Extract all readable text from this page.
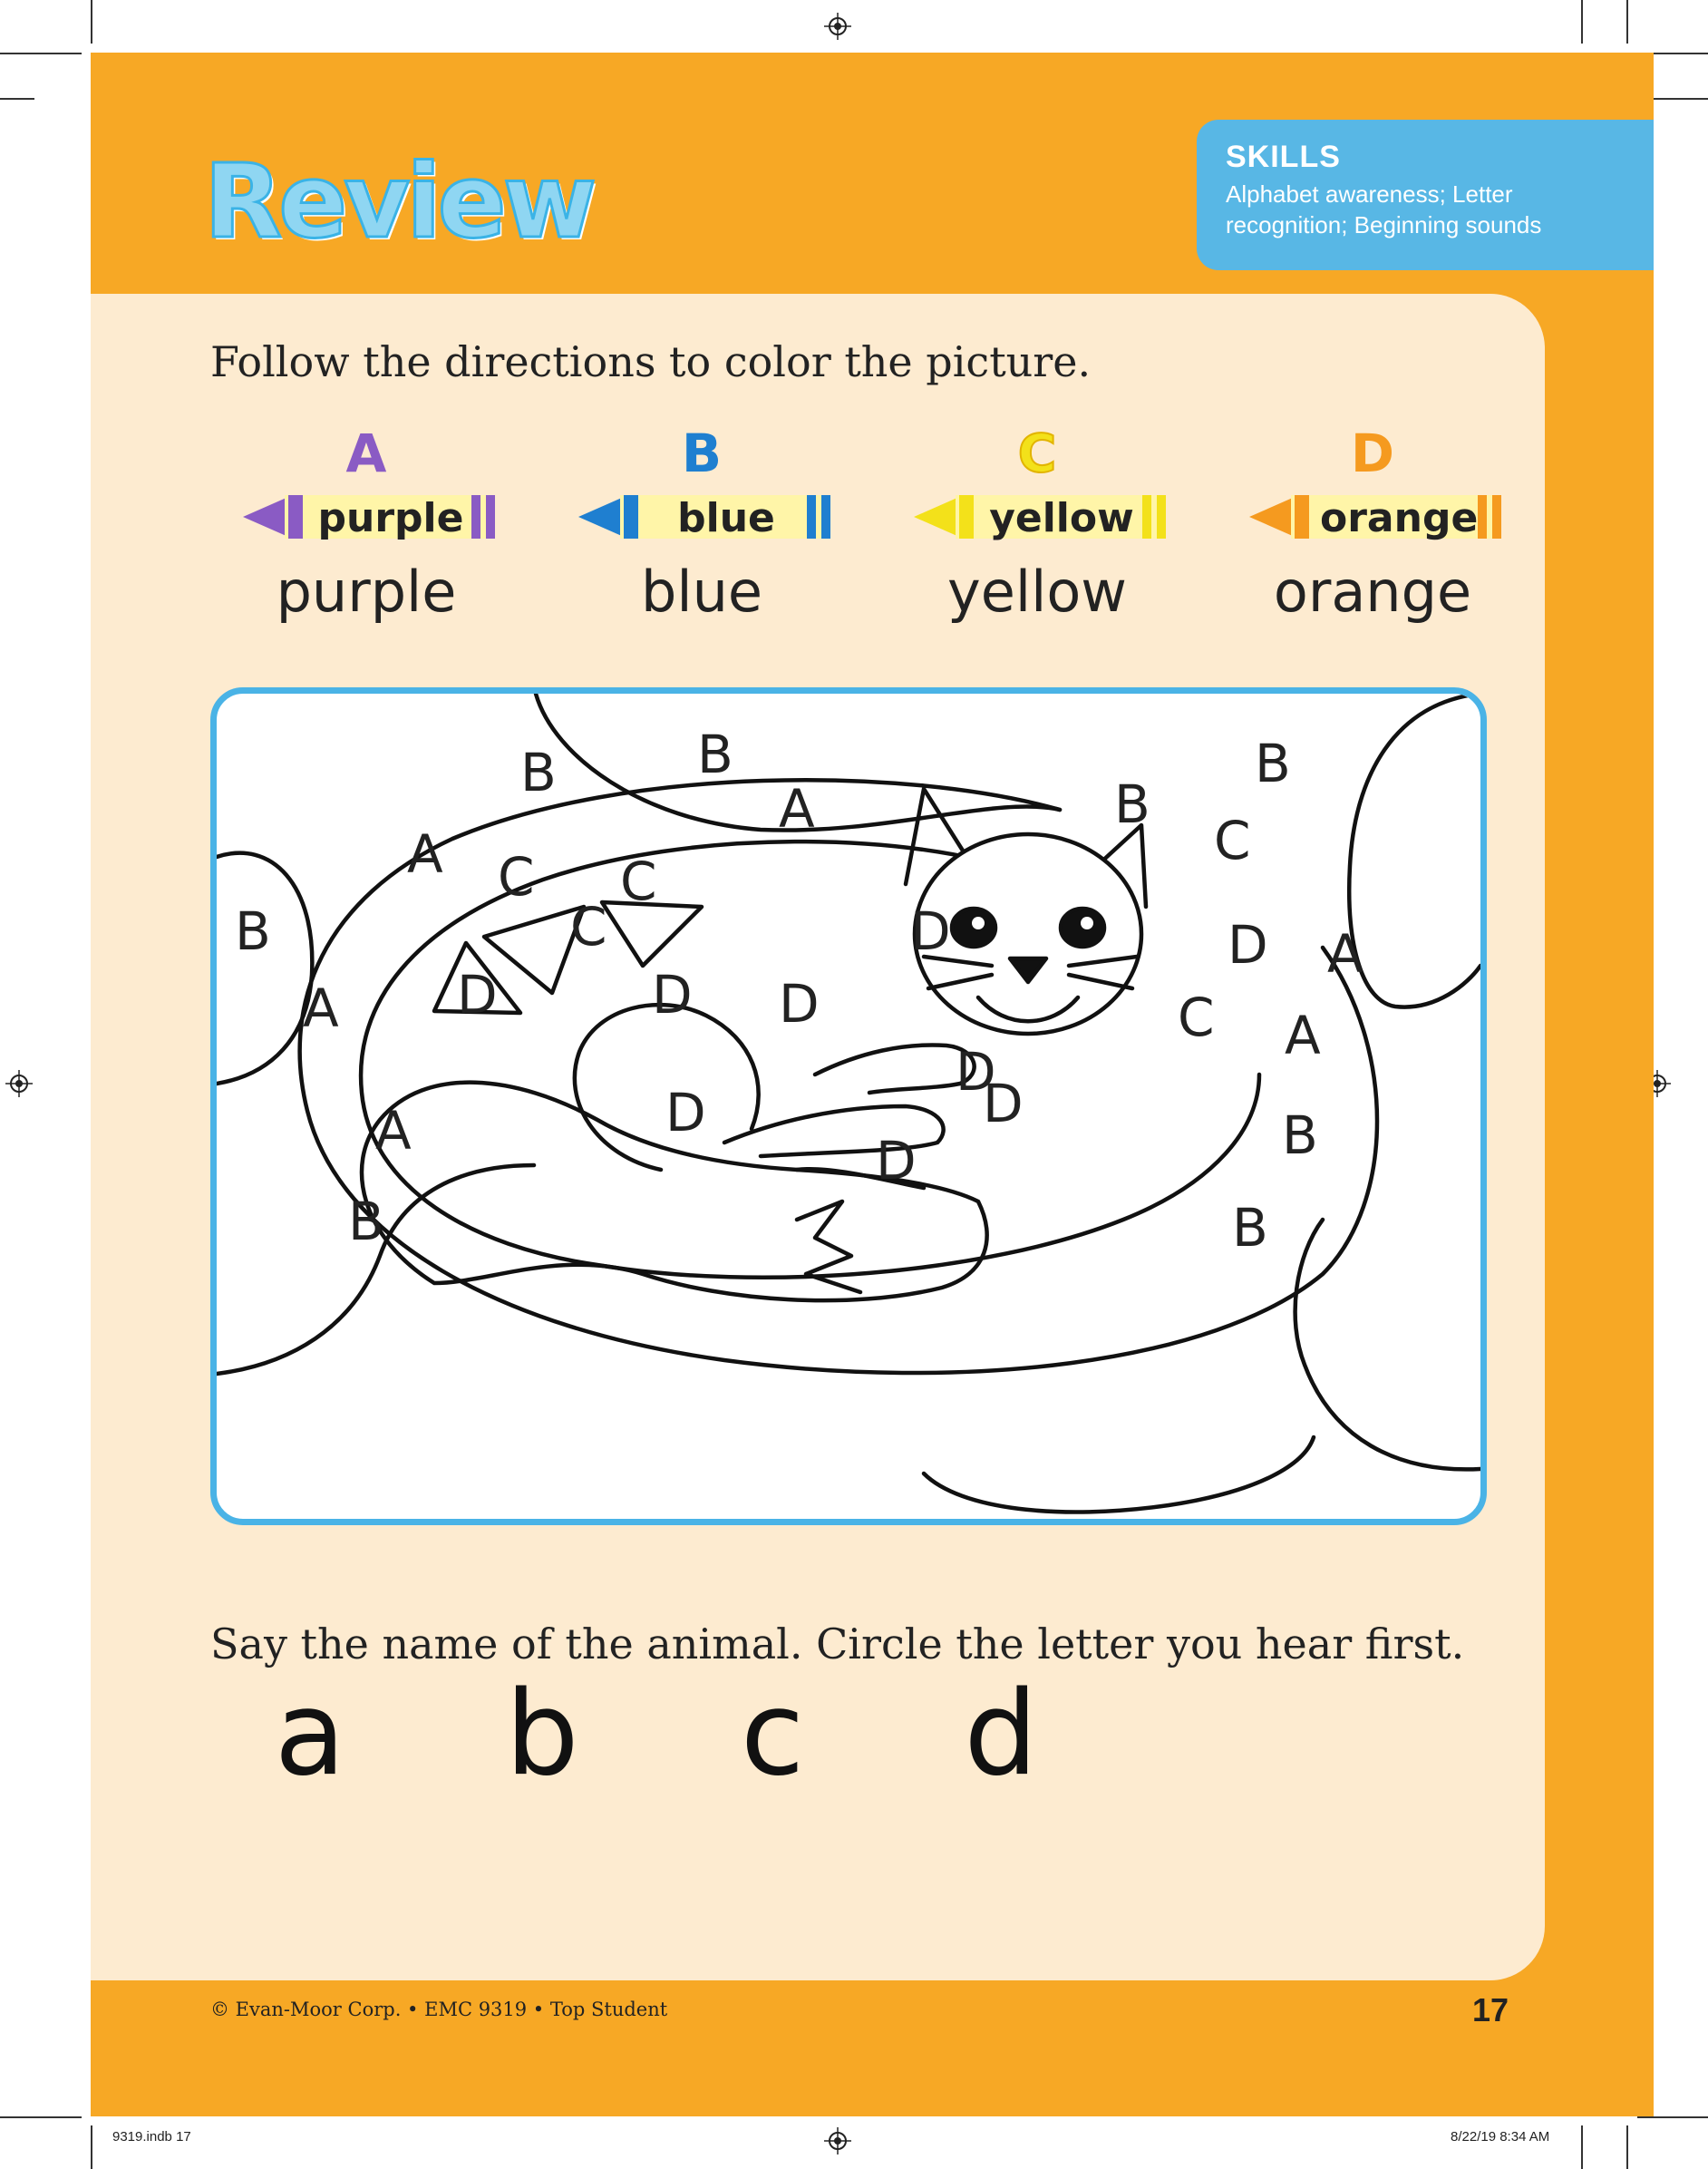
Review	SKILLS
Alphabet awareness; Letter recognition; Beginning sounds
Follow the directions to color the picture.
A
purple
purple
B
blue
blue
C
yellow
yellow
D
orange
orange
B	B	B
A
A C C
C	D
B
C
D
B	A
D
D
D
D
A
D
A	C
D
A	B
B
D
B
Say the name of the animal. Circle the letter you hear first.
a b c d
© Evan-Moor Corp. • EMC 9319 • Top Student	17
9319.indb 17	8/22/19 8:34 AM
